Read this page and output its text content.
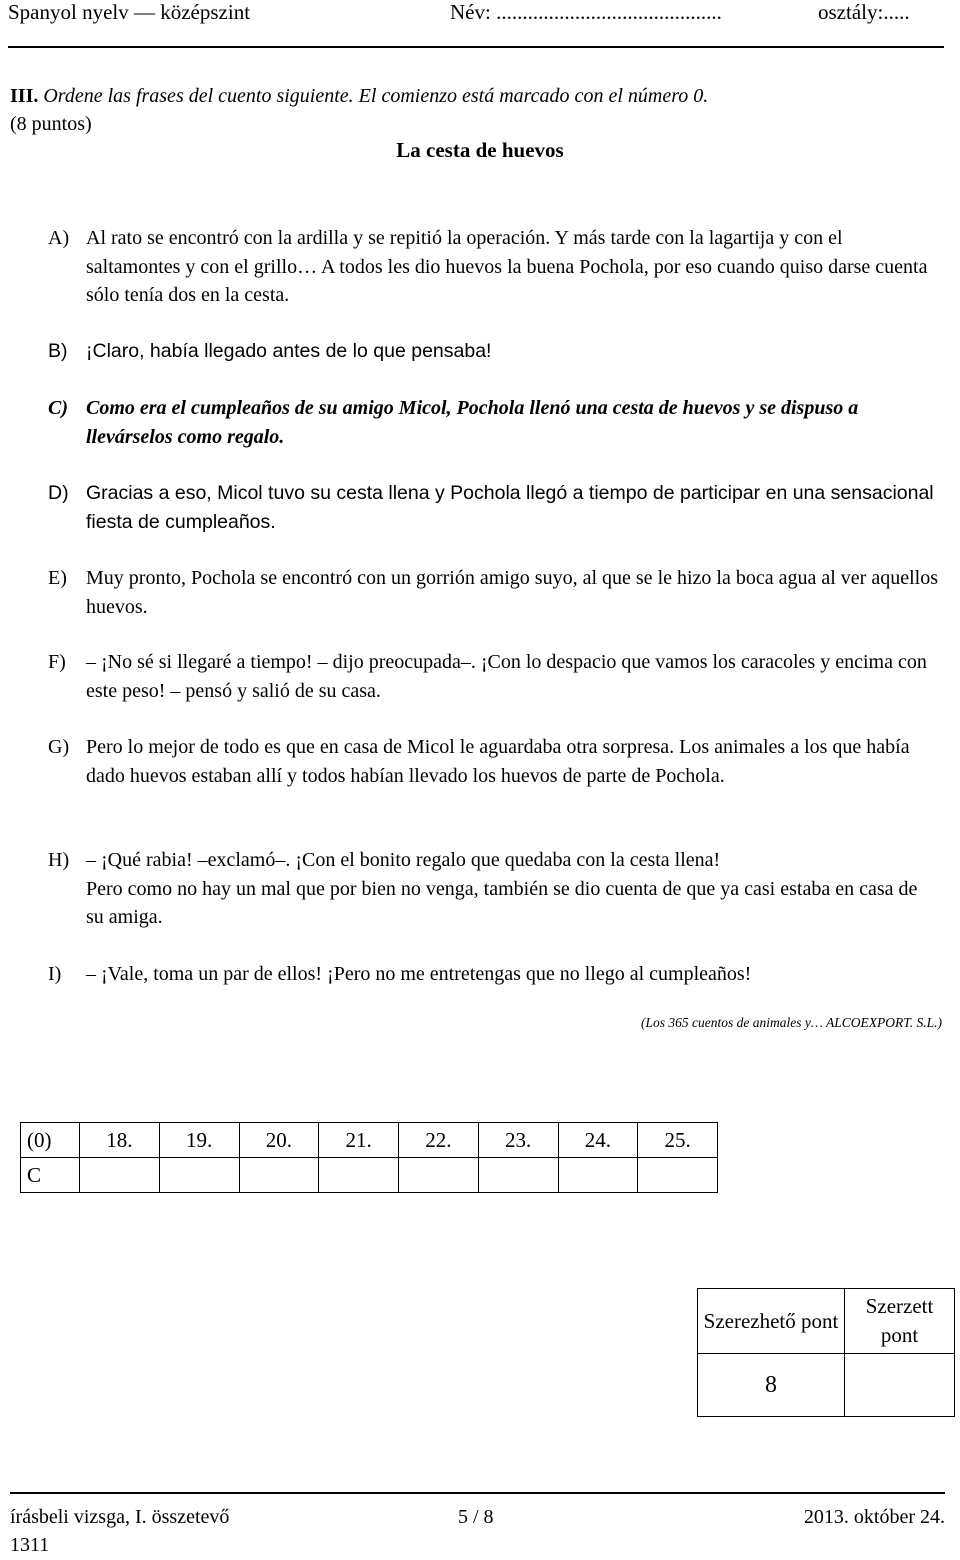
Spanyol nyelv — középszint	Név: ...........................................	osztály:.....
III. Ordene las frases del cuento siguiente. El comienzo está marcado con el número 0.
(8 puntos)
La cesta de huevos
A) Al rato se encontró con la ardilla y se repitió la operación. Y más tarde con la lagartija y con el saltamontes y con el grillo… A todos les dio huevos la buena Pochola, por eso cuando quiso darse cuenta sólo tenía dos en la cesta.
B) ¡Claro, había llegado antes de lo que pensaba!
C) Como era el cumpleaños de su amigo Micol, Pochola llenó una cesta de huevos y se dispuso a llevárselos como regalo.
D) Gracias a eso, Micol tuvo su cesta llena y Pochola llegó a tiempo de participar en una sensacional fiesta de cumpleaños.
E) Muy pronto, Pochola se encontró con un gorrión amigo suyo, al que se le hizo la boca agua al ver aquellos huevos.
F)	– ¡No sé si llegaré a tiempo! – dijo preocupada–. ¡Con lo despacio que vamos los caracoles y encima con este peso! – pensó y salió de su casa.
G) Pero lo mejor de todo es que en casa de Micol le aguardaba otra sorpresa. Los animales a los que había dado huevos estaban allí y todos habían llevado los huevos de parte de Pochola.
H) – ¡Qué rabia! –exclamó–. ¡Con el bonito regalo que quedaba con la cesta llena!
Pero como no hay un mal que por bien no venga, también se dio cuenta de que ya casi estaba en casa de su amiga.
I)	– ¡Vale, toma un par de ellos! ¡Pero no me entretengas que no llego al cumpleaños!
(Los 365 cuentos de animales y… ALCOEXPORT. S.L.)
(0)	18.	19.	20.	21.	22.	23.	24.	25.
C								
Szerezhető pont	Szerzett pont
8	
írásbeli vizsga, I. összetevő	5 / 8	2013. október 24.
1311
